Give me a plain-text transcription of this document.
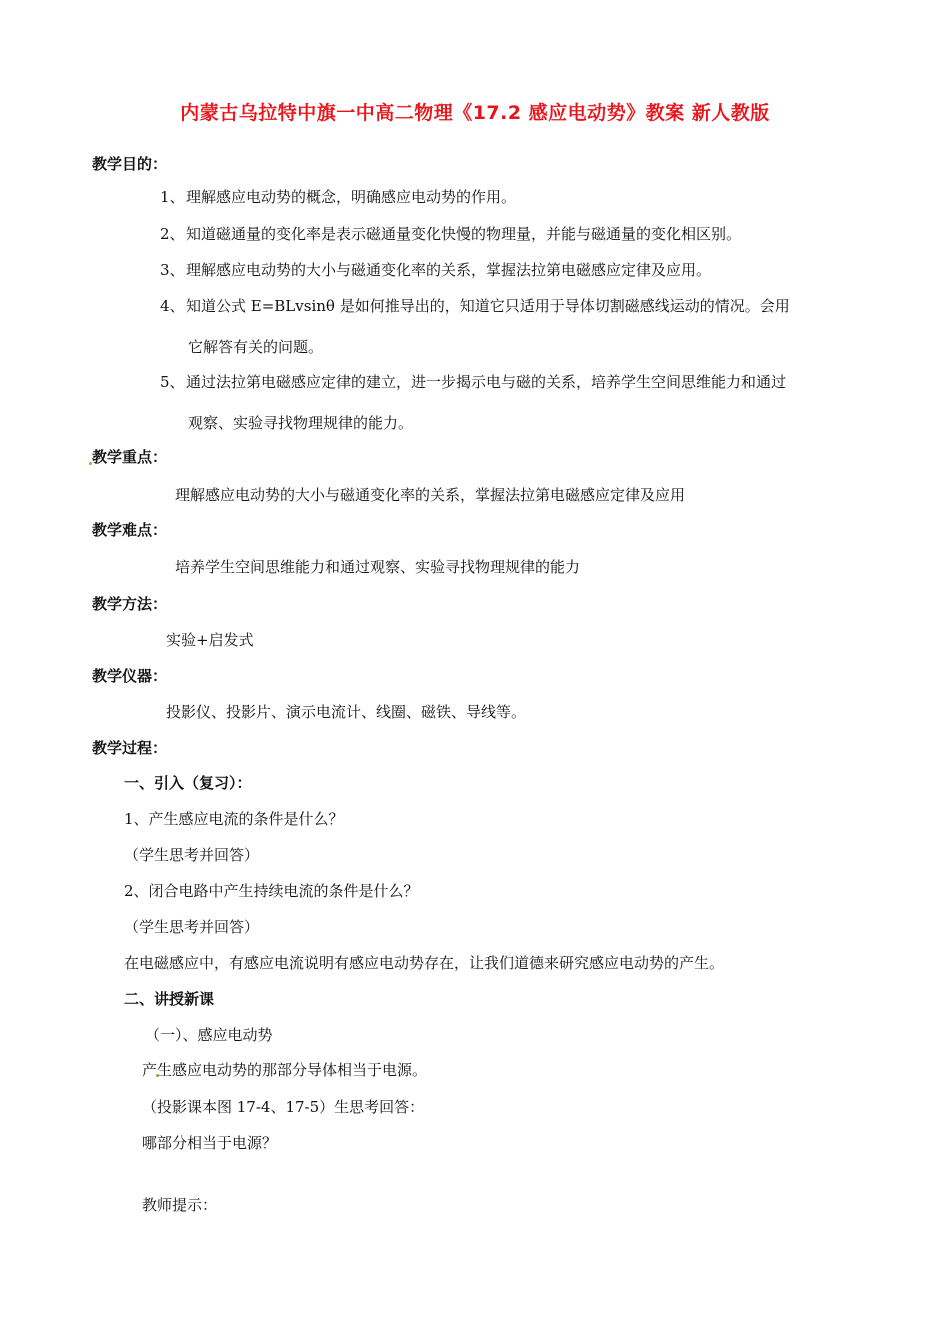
内蒙古乌拉特中旗一中高二物理《17.2 感应电动势》教案 新人教版
教学目的：
1、理解感应电动势的概念，明确感应电动势的作用。
2、知道磁通量的变化率是表示磁通量变化快慢的物理量，并能与磁通量的变化相区别。
3、理解感应电动势的大小与磁通变化率的关系，掌握法拉第电磁感应定律及应用。
4、知道公式 E=BLvsinθ 是如何推导出的，知道它只适用于导体切割磁感线运动的情况。会用
它解答有关的问题。
5、通过法拉第电磁感应定律的建立，进一步揭示电与磁的关系，培养学生空间思维能力和通过
观察、实验寻找物理规律的能力。
教学重点：
理解感应电动势的大小与磁通变化率的关系，掌握法拉第电磁感应定律及应用
教学难点：
培养学生空间思维能力和通过观察、实验寻找物理规律的能力
教学方法：
实验+启发式
教学仪器：
投影仪、投影片、演示电流计、线圈、磁铁、导线等。
教学过程：
一、引入（复习）：
1、产生感应电流的条件是什么？
（学生思考并回答）
2、闭合电路中产生持续电流的条件是什么？
（学生思考并回答）
在电磁感应中，有感应电流说明有感应电动势存在，让我们道德来研究感应电动势的产生。
二、讲授新课
（一）、感应电动势
产生感应电动势的那部分导体相当于电源。
（投影课本图 17-4、17-5）生思考回答：
哪部分相当于电源？
教师提示：
